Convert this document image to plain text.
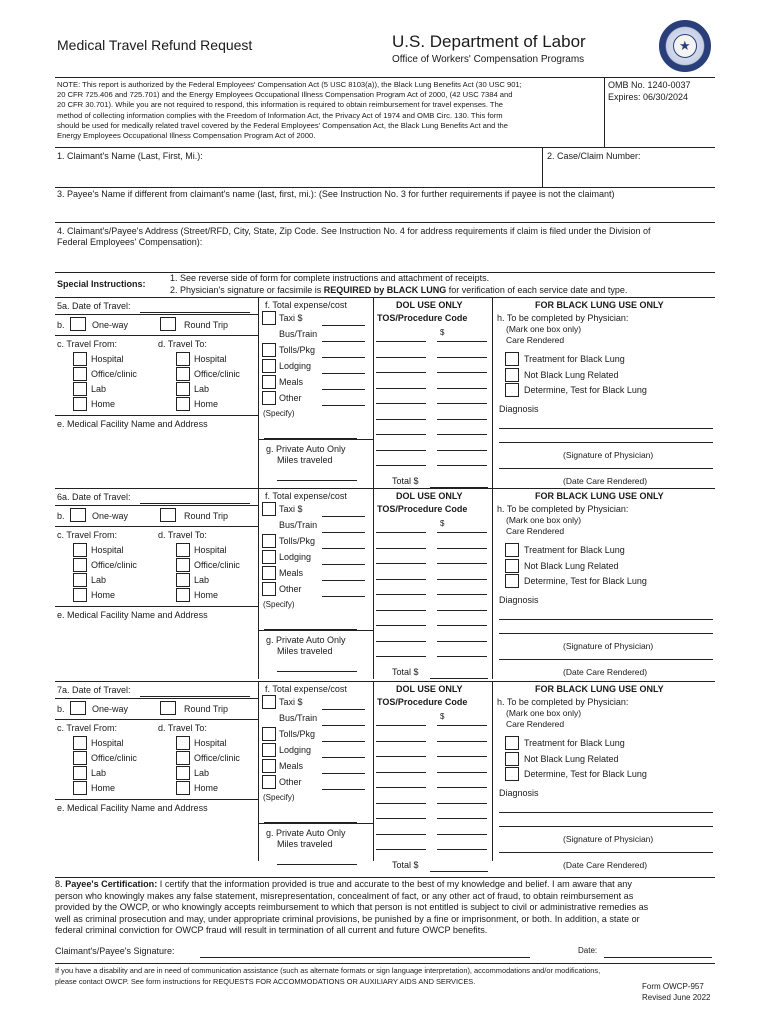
Medical Travel Refund Request	U.S. Department of Labor
Office of Workers' Compensation Programs
★
NOTE: This report is authorized by the Federal Employees' Compensation Act (5 USC 8103(a)), the Black Lung Benefits Act (30 USC 901;
20 CFR 725.406 and 725.701) and the Energy Employees Occupational Illness Compensation Program Act of 2000, (42 USC 7384 and
20 CFR 30.701). While you are not required to respond, this information is required to obtain reimbursement for travel expenses. The
method of collecting information complies with the Freedom of Information Act, the Privacy Act of 1974 and OMB Circ. 130. This form
should be used for medically related travel covered by the Federal Employees' Compensation Act, the Black Lung Benefits Act and the
Energy Employees Occupational Illness Compensation Program Act of 2000.
OMB No. 1240-0037
Expires: 06/30/2024
1. Claimant's Name (Last, First, Mi.):	2. Case/Claim Number:
3. Payee's Name if different from claimant's name (last, first, mi.): (See Instruction No. 3 for further requirements if payee is not the claimant)
4. Claimant's/Payee's Address (Street/RFD, City, State, Zip Code. See Instruction No. 4 for address requirements if claim is filed under the Division of
Federal Employees' Compensation):
Special Instructions:
1. See reverse side of form for complete instructions and attachment of receipts.
2. Physician's signature or facsimile is REQUIRED by BLACK LUNG for verification of each service date and type.
5a. Date of Travel:
b.	One-way	Round Trip
c. Travel From:	d. Travel To:
Hospital	Hospital
Office/clinic	Office/clinic
Lab	Lab
Home	Home
e. Medical Facility Name and Address
f. Total expense/cost
Taxi $
Bus/Train
Tolls/Pkg
Lodging
Meals
Other
(Specify)
g. Private Auto Only
Miles traveled
DOL USE ONLY
TOS/Procedure Code
$
Total $
FOR BLACK LUNG USE ONLY
h. To be completed by Physician:
(Mark one box only)
Care Rendered
Treatment for Black Lung
Not Black Lung Related
Determine, Test for Black Lung
Diagnosis
(Signature of Physician)
(Date Care Rendered)
6a. Date of Travel:
b.	One-way	Round Trip
c. Travel From:	d. Travel To:
Hospital	Hospital
Office/clinic	Office/clinic
Lab	Lab
Home	Home
e. Medical Facility Name and Address
f. Total expense/cost
Taxi $
Bus/Train
Tolls/Pkg
Lodging
Meals
Other
(Specify)
g. Private Auto Only
Miles traveled
DOL USE ONLY
TOS/Procedure Code
$
Total $
FOR BLACK LUNG USE ONLY
h. To be completed by Physician:
(Mark one box only)
Care Rendered
Treatment for Black Lung
Not Black Lung Related
Determine, Test for Black Lung
Diagnosis
(Signature of Physician)
(Date Care Rendered)
7a. Date of Travel:
b.	One-way	Round Trip
c. Travel From:	d. Travel To:
Hospital	Hospital
Office/clinic	Office/clinic
Lab	Lab
Home	Home
e. Medical Facility Name and Address
f. Total expense/cost
Taxi $
Bus/Train
Tolls/Pkg
Lodging
Meals
Other
(Specify)
g. Private Auto Only
Miles traveled
DOL USE ONLY
TOS/Procedure Code
$
Total $
FOR BLACK LUNG USE ONLY
h. To be completed by Physician:
(Mark one box only)
Care Rendered
Treatment for Black Lung
Not Black Lung Related
Determine, Test for Black Lung
Diagnosis
(Signature of Physician)
(Date Care Rendered)
8. Payee's Certification: I certify that the information provided is true and accurate to the best of my knowledge and belief. I am aware that any
person who knowingly makes any false statement, misrepresentation, concealment of fact, or any other act of fraud, to obtain reimbursement as
provided by the OWCP, or who knowingly accepts reimbursement to which that person is not entitled is subject to civil or administrative remedies as
well as criminal prosecution and may, under appropriate criminal provisions, be punished by a fine or imprisonment, or both. In addition, a state or
federal criminal conviction for OWCP fraud will result in termination of all current and future OWCP benefits.
Claimant's/Payee's Signature:	Date:
If you have a disability and are in need of communication assistance (such as alternate formats or sign language interpretation), accommodations and/or modifications,
please contact OWCP. See form instructions for REQUESTS FOR ACCOMMODATIONS OR AUXILIARY AIDS AND SERVICES.
Form OWCP-957
Revised June 2022
